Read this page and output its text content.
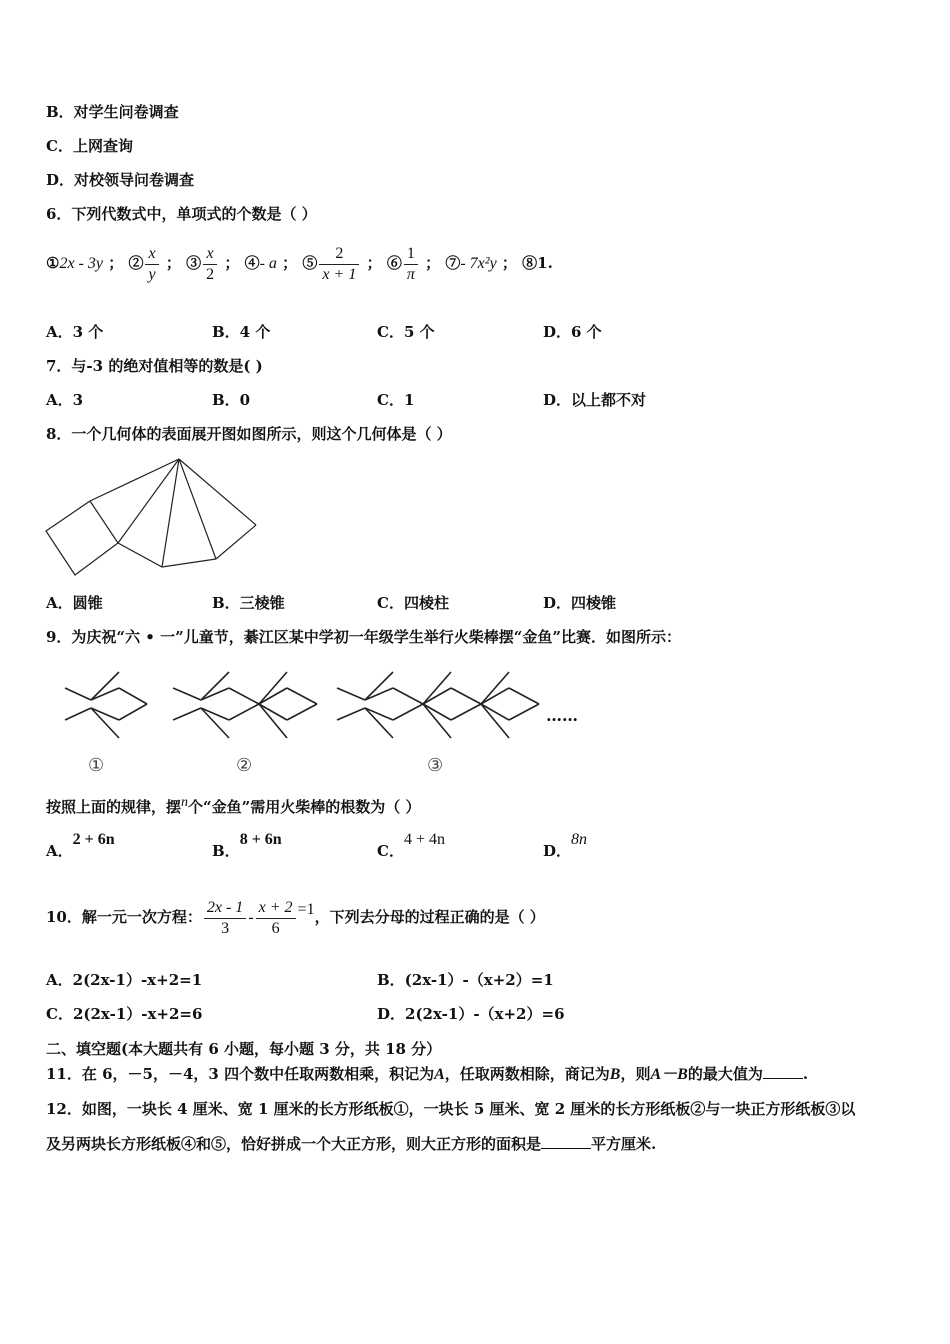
B．对学生问卷调查
C．上网查询
D．对校领导问卷调查
6．下列代数式中，单项式的个数是（ ）
①2x - 3y ； ② $\frac{x}{y}$ ； ③ $\frac{x}{2}$ ； ④- a ； ⑤ $\frac{2}{x + 1}$ ； ⑥ $\frac{1}{\pi}$ ； ⑦- 7x²y ； ⑧1.
A．3 个	B．4 个	C．5 个	D．6 个
7．与-3 的绝对值相等的数是( )
A．3	B．0	C．1	D．以上都不对
8．一个几何体的表面展开图如图所示，则这个几何体是（ ）
A．圆锥	B．三棱锥	C．四棱柱	D．四棱锥
9．为庆祝“六 • 一”儿童节，綦江区某中学初一年级学生举行火柴棒摆“金鱼”比赛．如图所示：
……
①	②	③
按照上面的规律，摆$^n$个“金鱼”需用火柴棒的根数为（ ）
A．2 + 6n
B．8 + 6n
C．4 + 4n
D．8n
10．解一元一次方程： $\frac{2x - 1}{3} - \frac{x + 2}{6} =1$，下列去分母的过程正确的是（ ）
A．2(2x-1）-x+2=1	B．(2x-1）-（x+2）=1
C．2(2x-1）-x+2=6	D．2(2x-1）-（x+2）=6
二、填空题(本大题共有 6 小题，每小题 3 分，共 18 分）
11．在 6，－5，－4，3 四个数中任取两数相乘，积记为A，任取两数相除，商记为B，则A－B的最大值为	.
12．如图，一块长 4 厘米、宽 1 厘米的长方形纸板①，一块长 5 厘米、宽 2 厘米的长方形纸板②与一块正方形纸板③以
及另两块长方形纸板④和⑤，恰好拼成一个大正方形，则大正方形的面积是	平方厘米.
